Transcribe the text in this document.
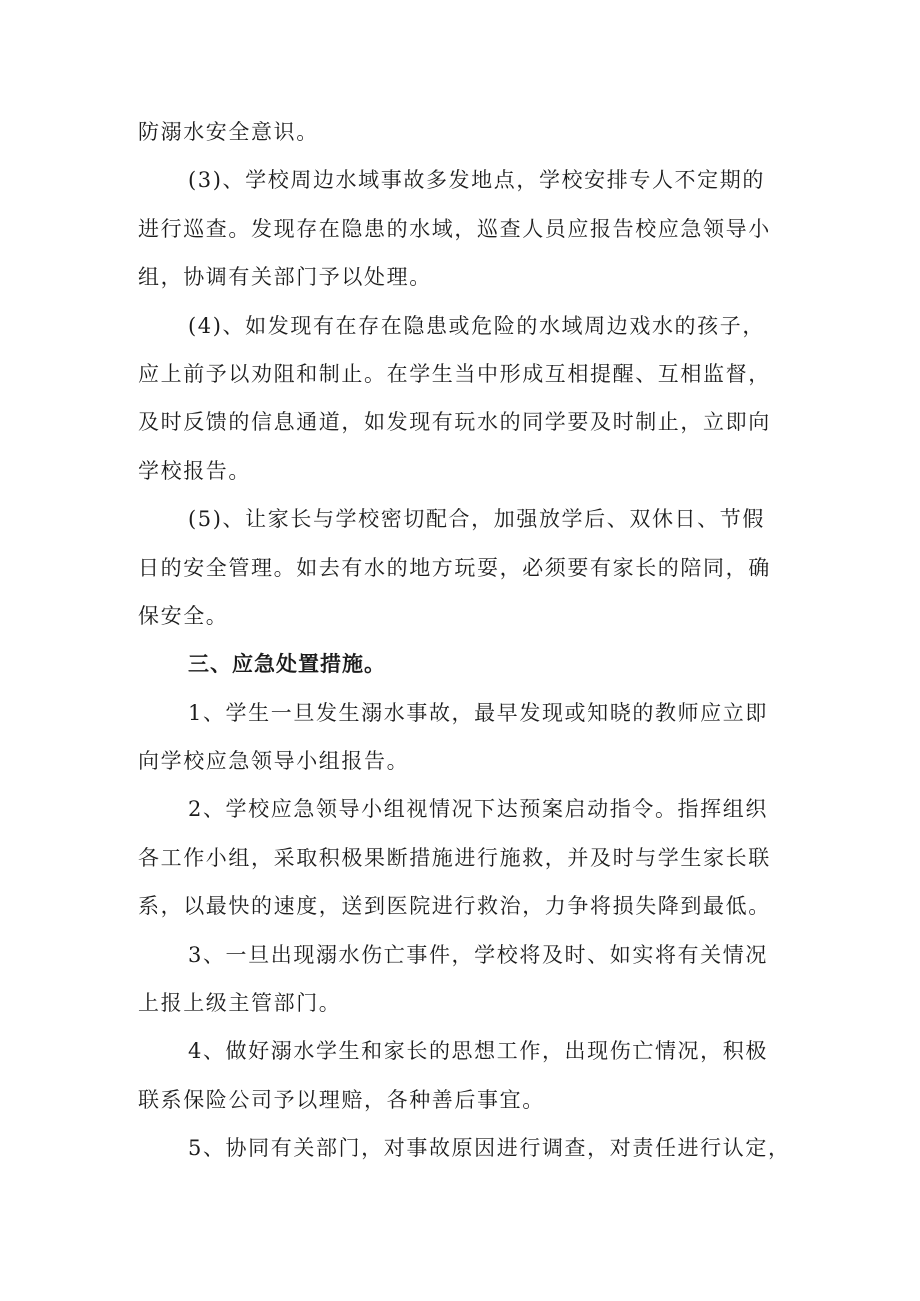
防溺水安全意识。
(3)、学校周边水域事故多发地点，学校安排专人不定期的
进行巡查。发现存在隐患的水域，巡查人员应报告校应急领导小
组，协调有关部门予以处理。
(4)、如发现有在存在隐患或危险的水域周边戏水的孩子，
应上前予以劝阻和制止。在学生当中形成互相提醒、互相监督，
及时反馈的信息通道，如发现有玩水的同学要及时制止，立即向
学校报告。
(5)、让家长与学校密切配合，加强放学后、双休日、节假
日的安全管理。如去有水的地方玩耍，必须要有家长的陪同，确
保安全。
三、应急处置措施。
1、学生一旦发生溺水事故，最早发现或知晓的教师应立即
向学校应急领导小组报告。
2、学校应急领导小组视情况下达预案启动指令。指挥组织
各工作小组，采取积极果断措施进行施救，并及时与学生家长联
系，以最快的速度，送到医院进行救治，力争将损失降到最低。
3、一旦出现溺水伤亡事件，学校将及时、如实将有关情况
上报上级主管部门。
4、做好溺水学生和家长的思想工作，出现伤亡情况，积极
联系保险公司予以理赔，各种善后事宜。
5、协同有关部门，对事故原因进行调查，对责任进行认定，
